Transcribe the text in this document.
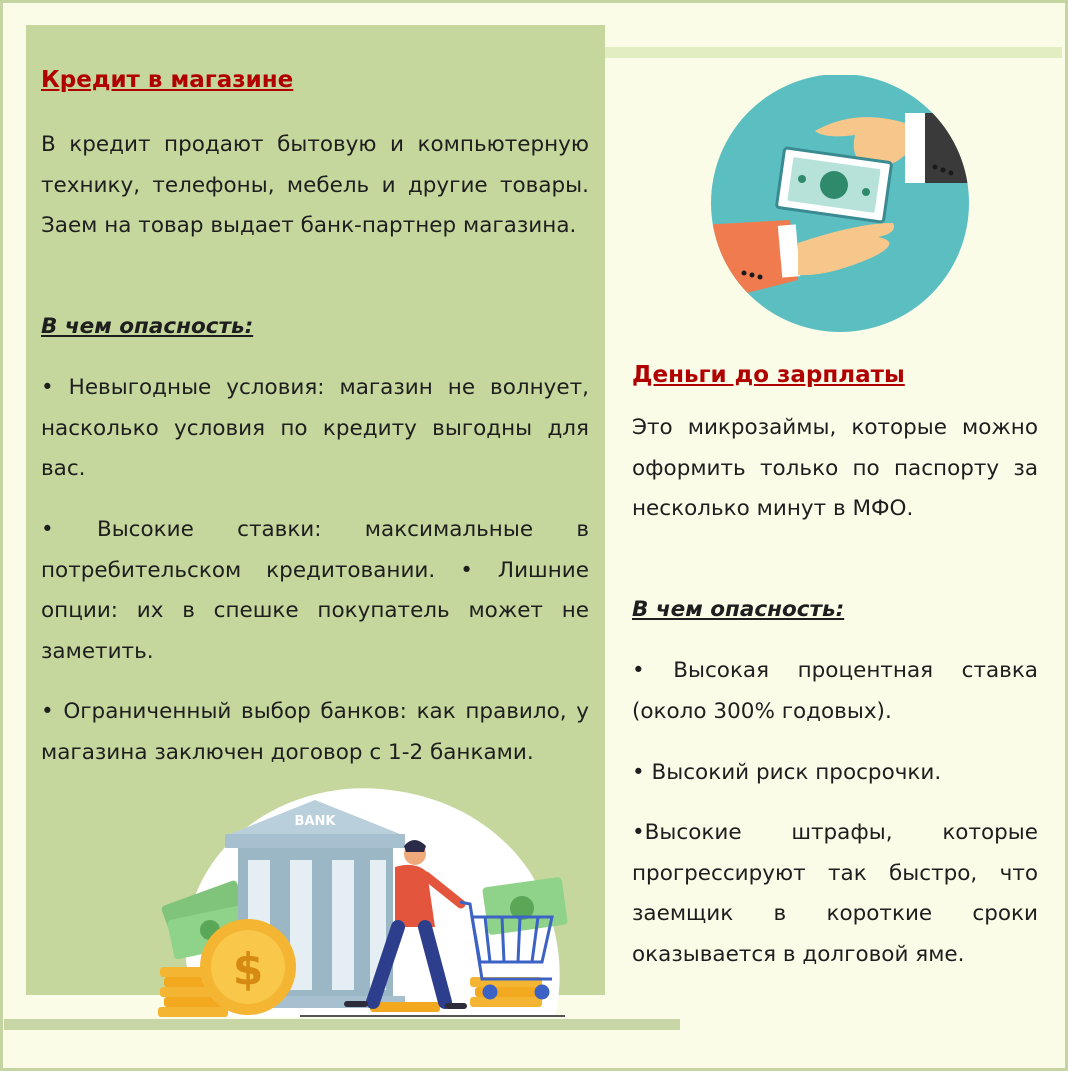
Кредит в магазине

В кредит продают бытовую и компьютерную технику, телефоны, мебель и другие товары. Заем на товар выдает банк-партнер магазина.

В чем опасность:

• Невыгодные условия: магазин не волнует, насколько условия по кредиту выгодны для вас.

• Высокие ставки: максимальные в потребительском кредитовании. • Лишние опции: их в спешке покупатель может не заметить.

• Ограниченный выбор банков: как правило, у магазина заключен договор с 1-2 банками.

BANK
$
Деньги до зарплаты

Это микрозаймы, которые можно оформить только по паспорту за несколько минут в МФО.

В чем опасность:

• Высокая процентная ставка (около 300% годовых).

• Высокий риск просрочки.

•Высокие штрафы, которые прогрессируют так быстро, что заемщик в короткие сроки оказывается в долговой яме.
